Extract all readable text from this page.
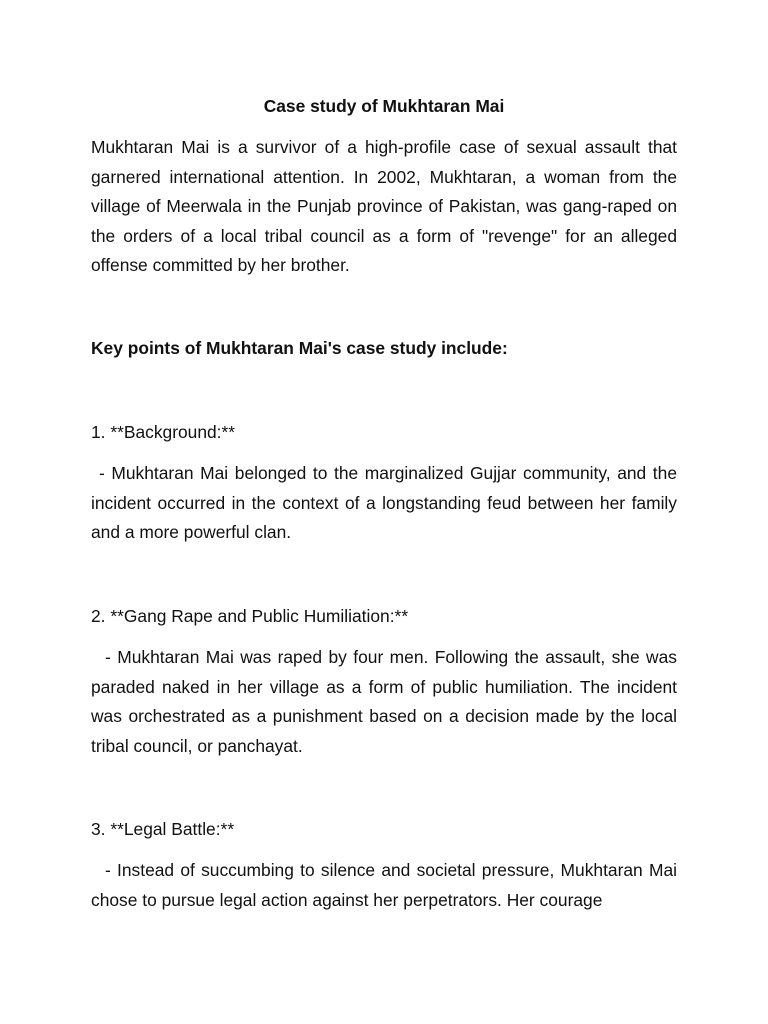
Case study of Mukhtaran Mai

Mukhtaran Mai is a survivor of a high-profile case of sexual assault that garnered international attention. In 2002, Mukhtaran, a woman from the village of Meerwala in the Punjab province of Pakistan, was gang-raped on the orders of a local tribal council as a form of "revenge" for an alleged offense committed by her brother.

Key points of Mukhtaran Mai's case study include:

1. **Background:**

- Mukhtaran Mai belonged to the marginalized Gujjar community, and the incident occurred in the context of a longstanding feud between her family and a more powerful clan.

2. **Gang Rape and Public Humiliation:**

- Mukhtaran Mai was raped by four men. Following the assault, she was paraded naked in her village as a form of public humiliation. The incident was orchestrated as a punishment based on a decision made by the local tribal council, or panchayat.

3. **Legal Battle:**

- Instead of succumbing to silence and societal pressure, Mukhtaran Mai chose to pursue legal action against her perpetrators. Her courage
